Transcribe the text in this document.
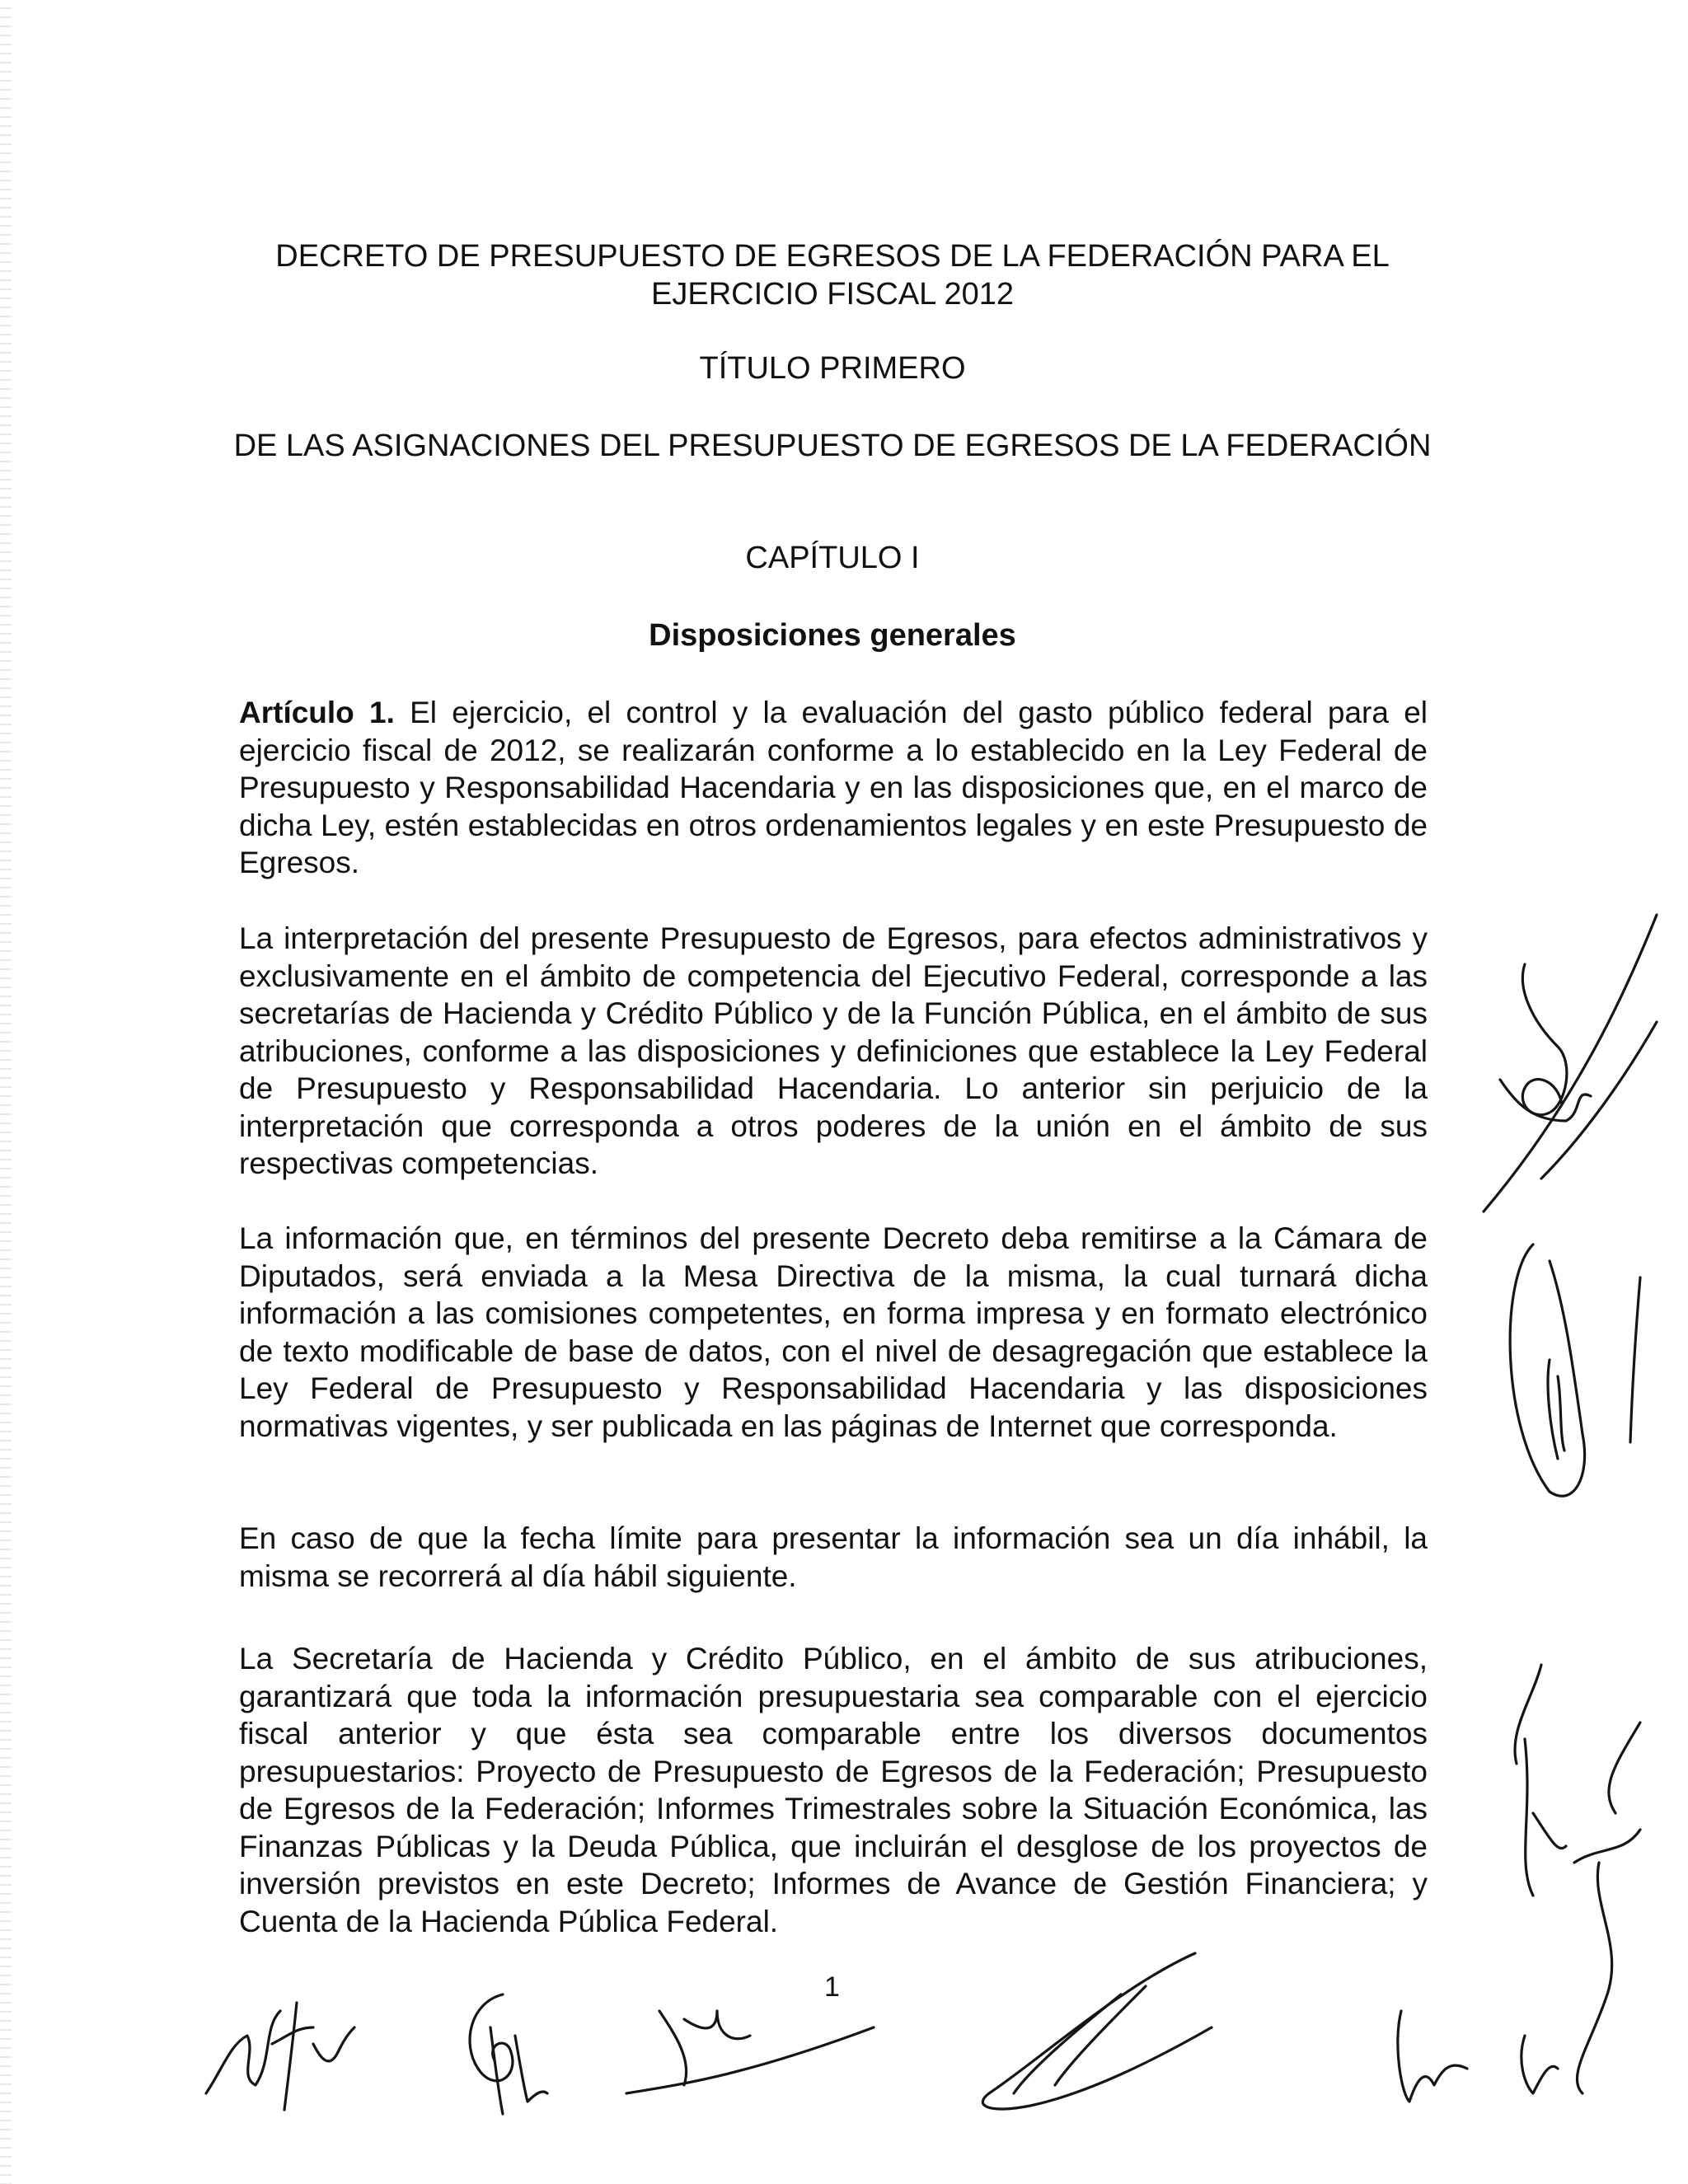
DECRETO DE PRESUPUESTO DE EGRESOS DE LA FEDERACIÓN PARA EL EJERCICIO FISCAL 2012
TÍTULO PRIMERO
DE LAS ASIGNACIONES DEL PRESUPUESTO DE EGRESOS DE LA FEDERACIÓN
CAPÍTULO I
Disposiciones generales

Artículo 1. El ejercicio, el control y la evaluación del gasto público federal para el ejercicio fiscal de 2012, se realizarán conforme a lo establecido en la Ley Federal de Presupuesto y Responsabilidad Hacendaria y en las disposiciones que, en el marco de dicha Ley, estén establecidas en otros ordenamientos legales y en este Presupuesto de Egresos.

La interpretación del presente Presupuesto de Egresos, para efectos administrativos y exclusivamente en el ámbito de competencia del Ejecutivo Federal, corresponde a las secretarías de Hacienda y Crédito Público y de la Función Pública, en el ámbito de sus atribuciones, conforme a las disposiciones y definiciones que establece la Ley Federal de Presupuesto y Responsabilidad Hacendaria. Lo anterior sin perjuicio de la interpretación que corresponda a otros poderes de la unión en el ámbito de sus respectivas competencias.

La información que, en términos del presente Decreto deba remitirse a la Cámara de Diputados, será enviada a la Mesa Directiva de la misma, la cual turnará dicha información a las comisiones competentes, en forma impresa y en formato electrónico de texto modificable de base de datos, con el nivel de desagregación que establece la Ley Federal de Presupuesto y Responsabilidad Hacendaria y las disposiciones normativas vigentes, y ser publicada en las páginas de Internet que corresponda.

En caso de que la fecha límite para presentar la información sea un día inhábil, la misma se recorrerá al día hábil siguiente.

La Secretaría de Hacienda y Crédito Público, en el ámbito de sus atribuciones, garantizará que toda la información presupuestaria sea comparable con el ejercicio fiscal anterior y que ésta sea comparable entre los diversos documentos presupuestarios: Proyecto de Presupuesto de Egresos de la Federación; Presupuesto de Egresos de la Federación; Informes Trimestrales sobre la Situación Económica, las Finanzas Públicas y la Deuda Pública, que incluirán el desglose de los proyectos de inversión previstos en este Decreto; Informes de Avance de Gestión Financiera; y Cuenta de la Hacienda Pública Federal.

1
